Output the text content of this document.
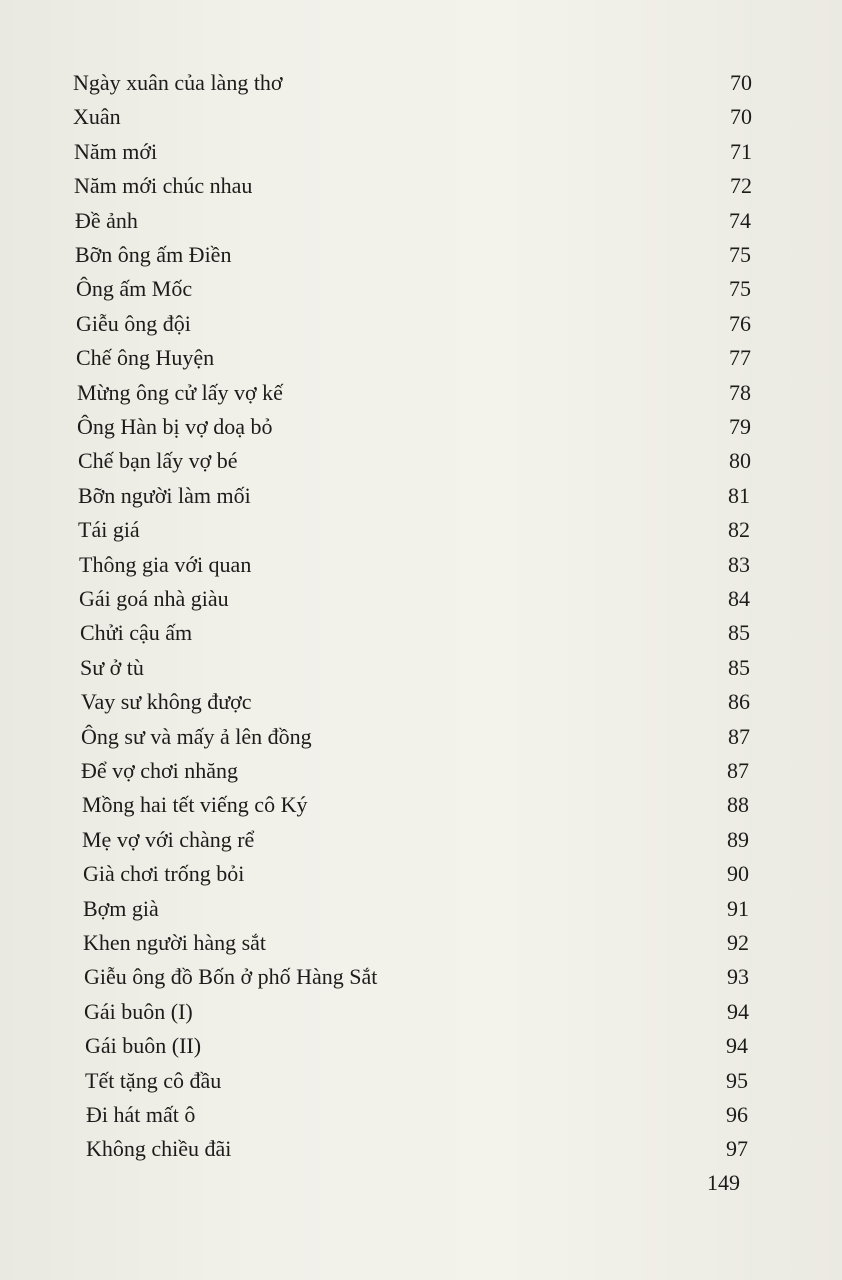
Ngày xuân của làng thơ	70
Xuân	70
Năm mới	71
Năm mới chúc nhau	72
Đề ảnh	74
Bỡn ông ấm Điền	75
Ông ấm Mốc	75
Giễu ông đội	76
Chế ông Huyện	77
Mừng ông cử lấy vợ kế	78
Ông Hàn bị vợ doạ bỏ	79
Chế bạn lấy vợ bé	80
Bỡn người làm mối	81
Tái giá	82
Thông gia với quan	83
Gái goá nhà giàu	84
Chửi cậu ấm	85
Sư ở tù	85
Vay sư không được	86
Ông sư và mấy ả lên đồng	87
Để vợ chơi nhăng	87
Mồng hai tết viếng cô Ký	88
Mẹ vợ với chàng rể	89
Già chơi trống bỏi	90
Bợm già	91
Khen người hàng sắt	92
Giễu ông đồ Bốn ở phố Hàng Sắt	93
Gái buôn (I)	94
Gái buôn (II)	94
Tết tặng cô đầu	95
Đi hát mất ô	96
Không chiều đãi	97
149
